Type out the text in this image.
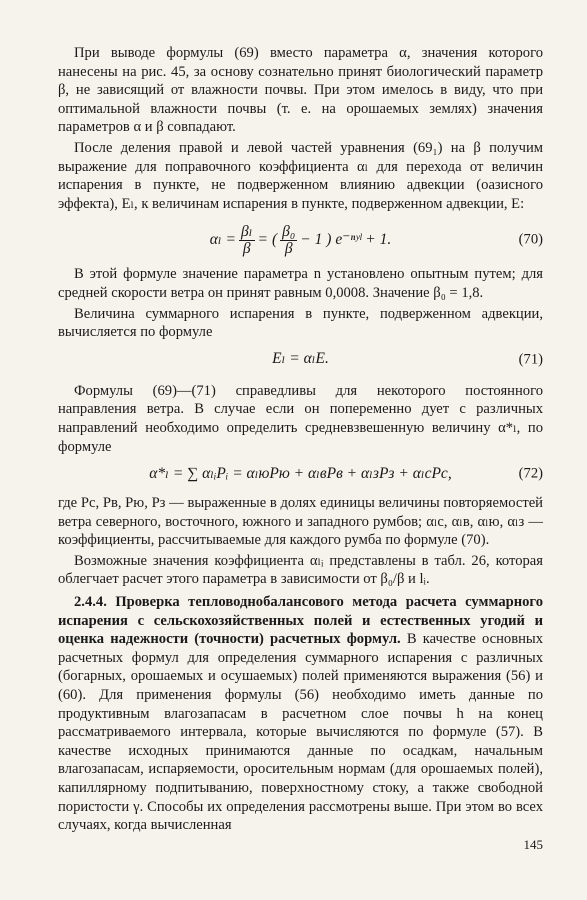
При выводе формулы (69) вместо параметра α, значения которого нанесены на рис. 45, за основу сознательно принят биологический параметр β, не зависящий от влажности почвы. При этом имелось в виду, что при оптимальной влажности почвы (т. е. на орошаемых землях) значения параметров α и β совпадают.

После деления правой и левой частей уравнения (69₁) на β получим выражение для поправочного коэффициента αₗ для перехода от величин испарения в пункте, не подверженном влиянию адвекции (оазисного эффекта), Eₗ, к величинам испарения в пункте, подверженном адвекции, E:

$\alpha_l = \frac{\text{βₗ}}{\beta}$ = ( $\frac{\text{β₀}}{\beta} - 1$ ) e⁻ⁿʸˡ + 1.	(70)

В этой формуле значение параметра n установлено опытным путем; для средней скорости ветра он принят равным 0,0008. Значение β₀ = 1,8.

Величина суммарного испарения в пункте, подверженном адвекции, вычисляется по формуле

Eₗ = αₗE.	(71)

Формулы (69)—(71) справедливы для некоторого постоянного направления ветра. В случае если он попеременно дует с различных направлений необходимо определить средневзвешенную величину α*ₗ, по формуле

α*ₗ = ∑ αₗᵢPᵢ = αₗюPю + αₗвPв + αₗзPз + αₗсPс,	(72)

где Pс, Pв, Pю, Pз — выраженные в долях единицы величины повторяемостей ветра северного, восточного, южного и западного румбов; αₗс, αₗв, αₗю, αₗз — коэффициенты, рассчитываемые для каждого румба по формуле (70).

Возможные значения коэффициента αₗᵢ представлены в табл. 26, которая облегчает расчет этого параметра в зависимости от β₀/β и lᵢ.

2.4.4. Проверка тепловоднобалансового метода расчета суммарного испарения с сельскохозяйственных полей и естественных угодий и оценка надежности (точности) расчетных формул. В качестве основных расчетных формул для определения суммарного испарения с различных (богарных, орошаемых и осушаемых) полей применяются выражения (56) и (60). Для применения формулы (56) необходимо иметь данные по продуктивным влагозапасам в расчетном слое почвы h на конец рассматриваемого интервала, которые вычисляются по формуле (57). В качестве исходных принимаются данные по осадкам, начальным влагозапасам, испаряемости, оросительным нормам (для орошаемых полей), капиллярному подпитыванию, поверхностному стоку, а также свободной пористости γ. Способы их определения рассмотрены выше. При этом во всех случаях, когда вычисленная

145
